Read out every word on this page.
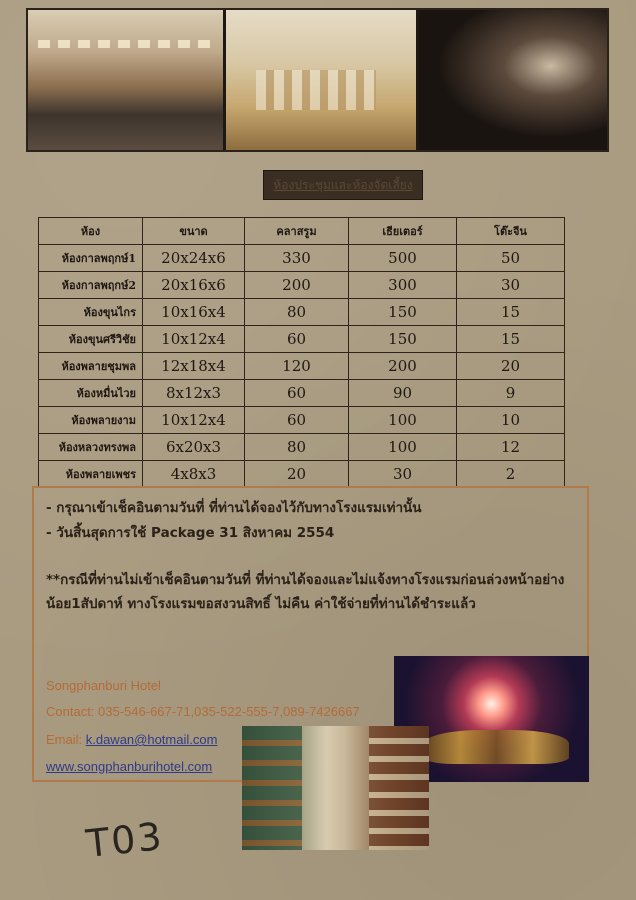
ห้องประชุมและห้องจัดเลี้ยง
ห้อง	ขนาด	คลาสรูม	เธียเตอร์	โต๊ะจีน
ห้องกาลพฤกษ์1	20x24x6	330	500	50
ห้องกาลพฤกษ์2	20x16x6	200	300	30
ห้องขุนไกร	10x16x4	80	150	15
ห้องขุนศรีวิชัย	10x12x4	60	150	15
ห้องพลายชุมพล	12x18x4	120	200	20
ห้องหมื่นไวย	8x12x3	60	90	9
ห้องพลายงาม	10x12x4	60	100	10
ห้องหลวงทรงพล	6x20x3	80	100	12
ห้องพลายเพชร	4x8x3	20	30	2

- กรุณาเข้าเช็คอินตามวันที่ ที่ท่านได้จองไว้กับทางโรงแรมเท่านั้น

- วันสิ้นสุดการใช้ Package 31 สิงหาคม 2554

**กรณีที่ท่านไม่เข้าเช็คอินตามวันที่ ที่ท่านได้จองและไม่แจ้งทางโรงแรมก่อนล่วงหน้าอย่างน้อย1สัปดาห์ ทางโรงแรมขอสงวนสิทธิ์ ไม่คืน ค่าใช้จ่ายที่ท่านได้ชำระแล้ว

Songphanburi Hotel

Contact: 035-546-667-71,035-522-555-7,089-7426667

Email: k.dawan@hotmail.com

www.songphanburihotel.com

T03
